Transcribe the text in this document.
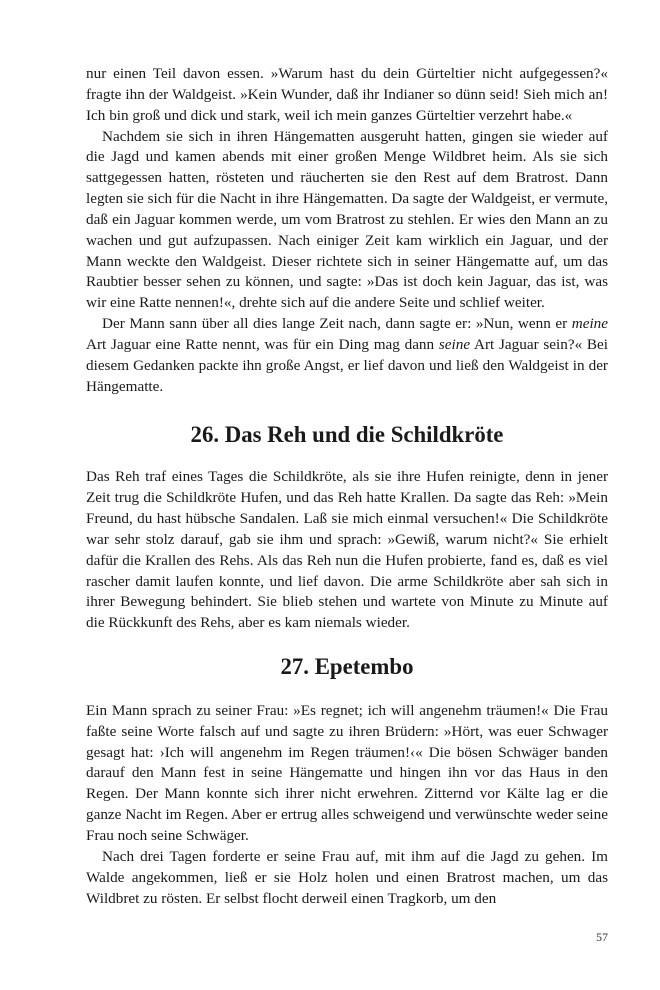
nur einen Teil davon essen. »Warum hast du dein Gürteltier nicht aufgegessen?« fragte ihn der Waldgeist. »Kein Wunder, daß ihr Indianer so dünn seid! Sieh mich an! Ich bin groß und dick und stark, weil ich mein ganzes Gürteltier verzehrt habe.«

Nachdem sie sich in ihren Hängematten ausgeruht hatten, gingen sie wieder auf die Jagd und kamen abends mit einer großen Menge Wildbret heim. Als sie sich sattgegessen hatten, rösteten und räucherten sie den Rest auf dem Bratrost. Dann legten sie sich für die Nacht in ihre Hängematten. Da sagte der Waldgeist, er vermute, daß ein Jaguar kommen werde, um vom Bratrost zu stehlen. Er wies den Mann an zu wachen und gut aufzupassen. Nach einiger Zeit kam wirklich ein Jaguar, und der Mann weckte den Waldgeist. Dieser richtete sich in seiner Hängematte auf, um das Raubtier besser sehen zu können, und sagte: »Das ist doch kein Jaguar, das ist, was wir eine Ratte nennen!«, drehte sich auf die andere Seite und schlief weiter.

Der Mann sann über all dies lange Zeit nach, dann sagte er: »Nun, wenn er meine Art Jaguar eine Ratte nennt, was für ein Ding mag dann seine Art Jaguar sein?« Bei diesem Gedanken packte ihn große Angst, er lief davon und ließ den Waldgeist in der Hängematte.

26. Das Reh und die Schildkröte

Das Reh traf eines Tages die Schildkröte, als sie ihre Hufen reinigte, denn in jener Zeit trug die Schildkröte Hufen, und das Reh hatte Krallen. Da sagte das Reh: »Mein Freund, du hast hübsche Sandalen. Laß sie mich einmal versuchen!« Die Schildkröte war sehr stolz darauf, gab sie ihm und sprach: »Gewiß, warum nicht?« Sie erhielt dafür die Krallen des Rehs. Als das Reh nun die Hufen probierte, fand es, daß es viel rascher damit laufen konnte, und lief davon. Die arme Schildkröte aber sah sich in ihrer Bewegung behindert. Sie blieb stehen und wartete von Minute zu Minute auf die Rückkunft des Rehs, aber es kam niemals wieder.

27. Epetembo

Ein Mann sprach zu seiner Frau: »Es regnet; ich will angenehm träumen!« Die Frau faßte seine Worte falsch auf und sagte zu ihren Brüdern: »Hört, was euer Schwager gesagt hat: ›Ich will angenehm im Regen träumen!‹« Die bösen Schwäger banden darauf den Mann fest in seine Hängematte und hingen ihn vor das Haus in den Regen. Der Mann konnte sich ihrer nicht erwehren. Zitternd vor Kälte lag er die ganze Nacht im Regen. Aber er ertrug alles schweigend und verwünschte weder seine Frau noch seine Schwäger.

Nach drei Tagen forderte er seine Frau auf, mit ihm auf die Jagd zu gehen. Im Walde angekommen, ließ er sie Holz holen und einen Bratrost machen, um das Wildbret zu rösten. Er selbst flocht derweil einen Tragkorb, um den

57
